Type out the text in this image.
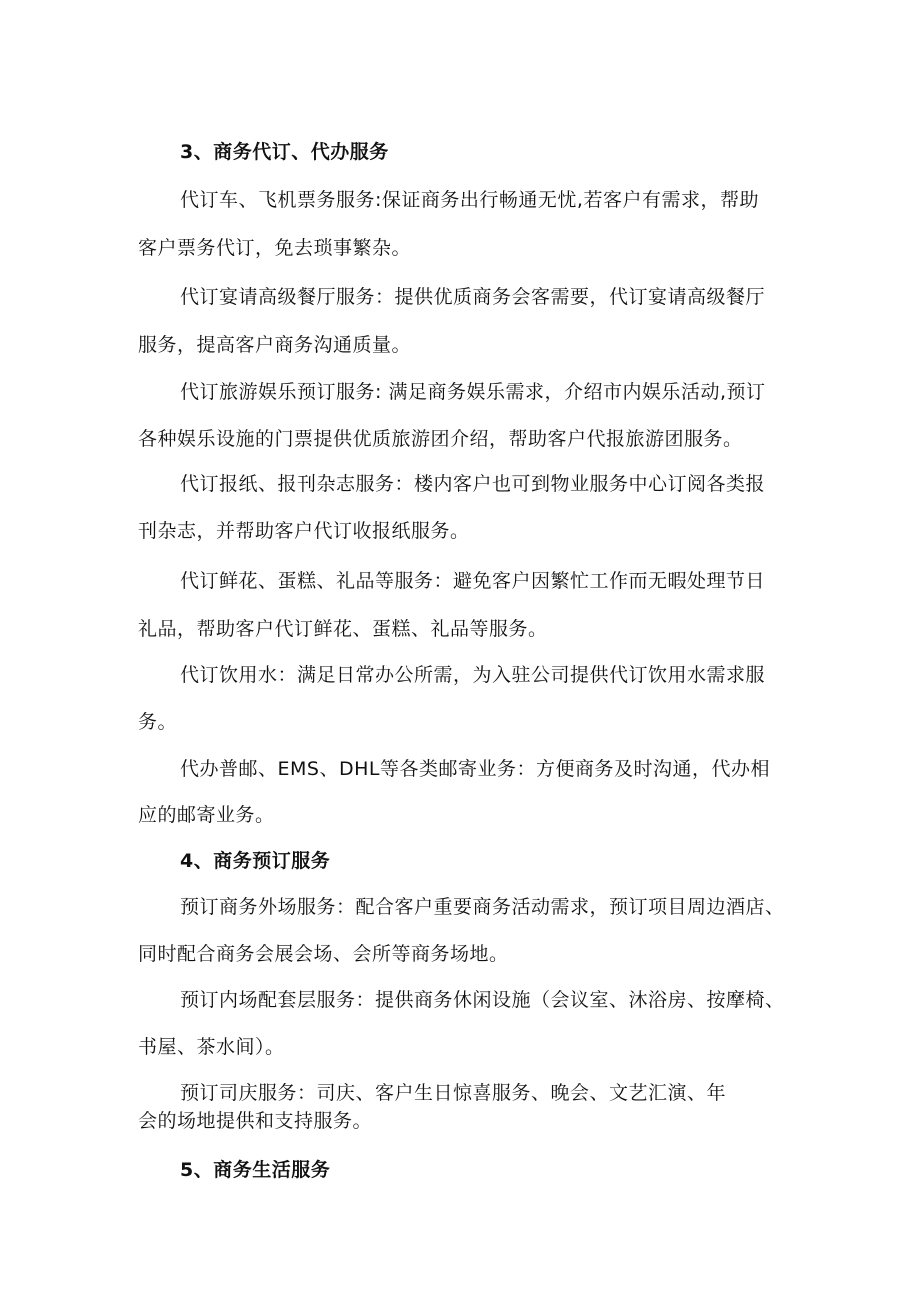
3、商务代订、代办服务
代订车、飞机票务服务:保证商务出行畅通无忧,若客户有需求，帮助
客户票务代订，免去琐事繁杂。
代订宴请高级餐厅服务：提供优质商务会客需要，代订宴请高级餐厅
服务，提高客户商务沟通质量。
代订旅游娱乐预订服务: 满足商务娱乐需求，介绍市内娱乐活动,预订
各种娱乐设施的门票提供优质旅游团介绍，帮助客户代报旅游团服务。
代订报纸、报刊杂志服务：楼内客户也可到物业服务中心订阅各类报
刊杂志，并帮助客户代订收报纸服务。
代订鲜花、蛋糕、礼品等服务：避免客户因繁忙工作而无暇处理节日
礼品，帮助客户代订鲜花、蛋糕、礼品等服务。
代订饮用水：满足日常办公所需，为入驻公司提供代订饮用水需求服
务。
代办普邮、EMS、DHL等各类邮寄业务：方便商务及时沟通，代办相
应的邮寄业务。
4、商务预订服务
预订商务外场服务：配合客户重要商务活动需求，预订项目周边酒店、
同时配合商务会展会场、会所等商务场地。
预订内场配套层服务：提供商务休闲设施（会议室、沐浴房、按摩椅、
书屋、茶水间）。
预订司庆服务：司庆、客户生日惊喜服务、晚会、文艺汇演、年
会的场地提供和支持服务。
5、商务生活服务
